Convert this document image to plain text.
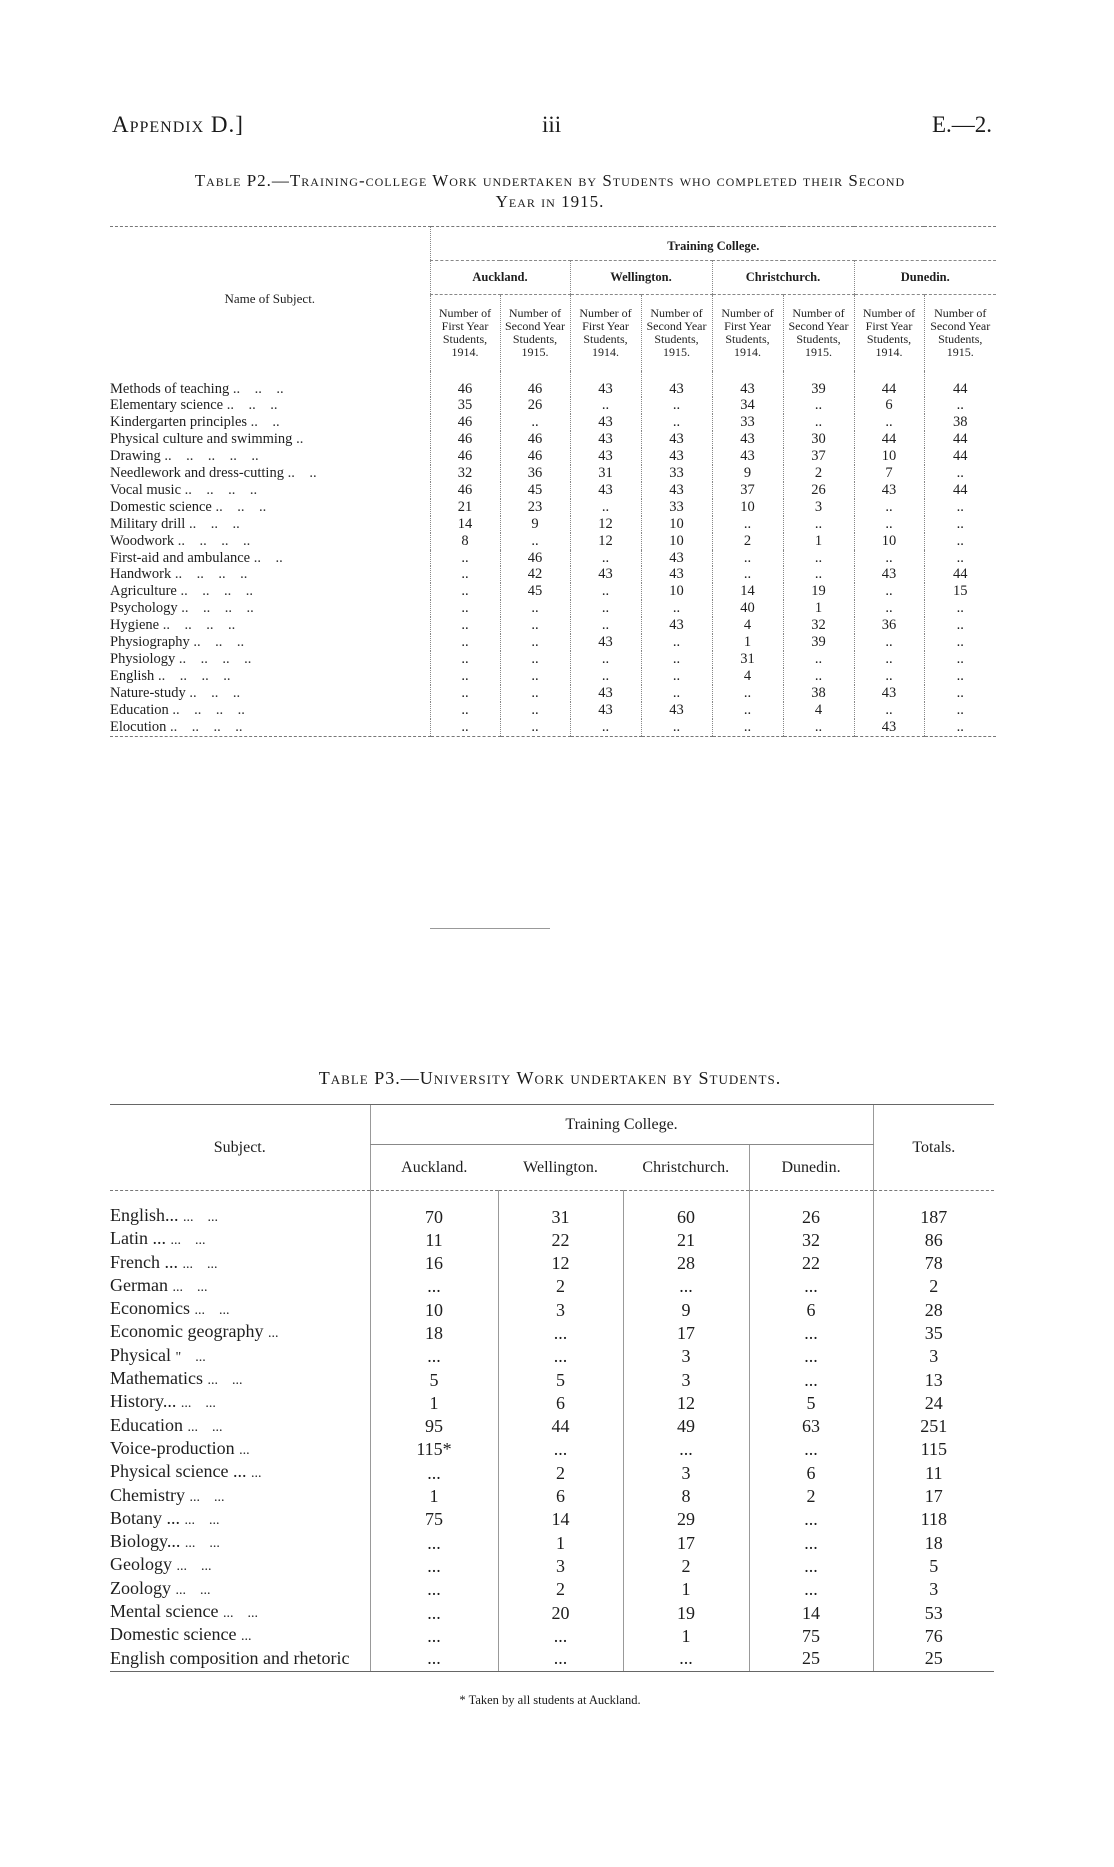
Appendix D.]	iii	E.—2.
Table P2.—Training-college Work undertaken by Students who completed their Second
Year in 1915.
Name of Subject.	Training College.							
	Auckland.		Wellington.		Christchurch.		Dunedin.	
	Number of First Year Students, 1914.	Number of Second Year Students, 1915.	Number of First Year Students, 1914.	Number of Second Year Students, 1915.	Number of First Year Students, 1914.	Number of Second Year Students, 1915.	Number of First Year Students, 1914.	Number of Second Year Students, 1915.
Methods of teaching ..    ..    ..	46	46	43	43	43	39	44	44
Elementary science ..    ..    ..	35	26	..	..	34	..	6	..
Kindergarten principles ..    ..	46	..	43	..	33	..	..	38
Physical culture and swimming ..	46	46	43	43	43	30	44	44
Drawing ..    ..    ..    ..    ..	46	46	43	43	43	37	10	44
Needlework and dress-cutting ..    ..	32	36	31	33	9	2	7	..
Vocal music ..    ..    ..    ..	46	45	43	43	37	26	43	44
Domestic science ..    ..    ..	21	23	..	33	10	3	..	..
Military drill ..    ..    ..	14	9	12	10	..	..	..	..
Woodwork ..    ..    ..    ..	8	..	12	10	2	1	10	..
First-aid and ambulance ..    ..	..	46	..	43	..	..	..	..
Handwork ..    ..    ..    ..	..	42	43	43	..	..	43	44
Agriculture ..    ..    ..    ..	..	45	..	10	14	19	..	15
Psychology ..    ..    ..    ..	..	..	..	..	40	1	..	..
Hygiene ..    ..    ..    ..	..	..	..	43	4	32	36	..
Physiography ..    ..    ..	..	..	43	..	1	39	..	..
Physiology ..    ..    ..    ..	..	..	..	..	31	..	..	..
English ..    ..    ..    ..	..	..	..	..	4	..	..	..
Nature-study ..    ..    ..	..	..	43	..	..	38	43	..
Education ..    ..    ..    ..	..	..	43	43	..	4	..	..
Elocution ..    ..    ..    ..	..	..	..	..	..	..	43	..
Table P3.—University Work undertaken by Students.
Subject.	Training College.				Totals.
	Auckland.	Wellington.	Christchurch.	Dunedin.	
English... ...    ...	70	31	60	26	187
Latin ... ...    ...	11	22	21	32	86
French ... ...    ...	16	12	28	22	78
German ...    ...	...	2	...	...	2
Economics ...    ...	10	3	9	6	28
Economic geography ...	18	...	17	...	35
Physical "    ...	...	...	3	...	3
Mathematics ...    ...	5	5	3	...	13
History... ...    ...	1	6	12	5	24
Education ...    ...	95	44	49	63	251
Voice-production ...	115*	...	...	...	115
Physical science ... ...	...	2	3	6	11
Chemistry ...    ...	1	6	8	2	17
Botany ... ...    ...	75	14	29	...	118
Biology... ...    ...	...	1	17	...	18
Geology ...    ...	...	3	2	...	5
Zoology ...    ...	...	2	1	...	3
Mental science ...    ...	...	20	19	14	53
Domestic science ...	...	...	1	75	76
English composition and rhetoric	...	...	...	25	25
* Taken by all students at Auckland.
